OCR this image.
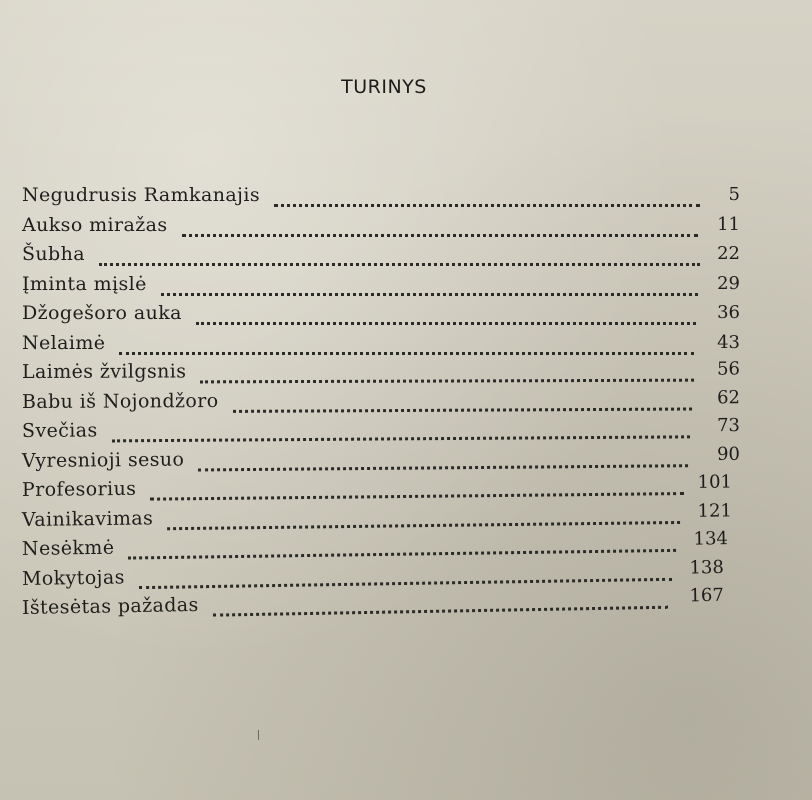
TURINYS
Negudrusis Ramkanajis	5
Aukso miražas	11
Šubha	22
Įminta mįslė	29
Džogešoro auka	36
Nelaimė	43
Laimės žvilgsnis	56
Babu iš Nojondžoro	62
Svečias	73
Vyresnioji sesuo	90
Profesorius	101
Vainikavimas	121
Nesėkmė	134
Mokytojas	138
Ištesėtas pažadas	167
